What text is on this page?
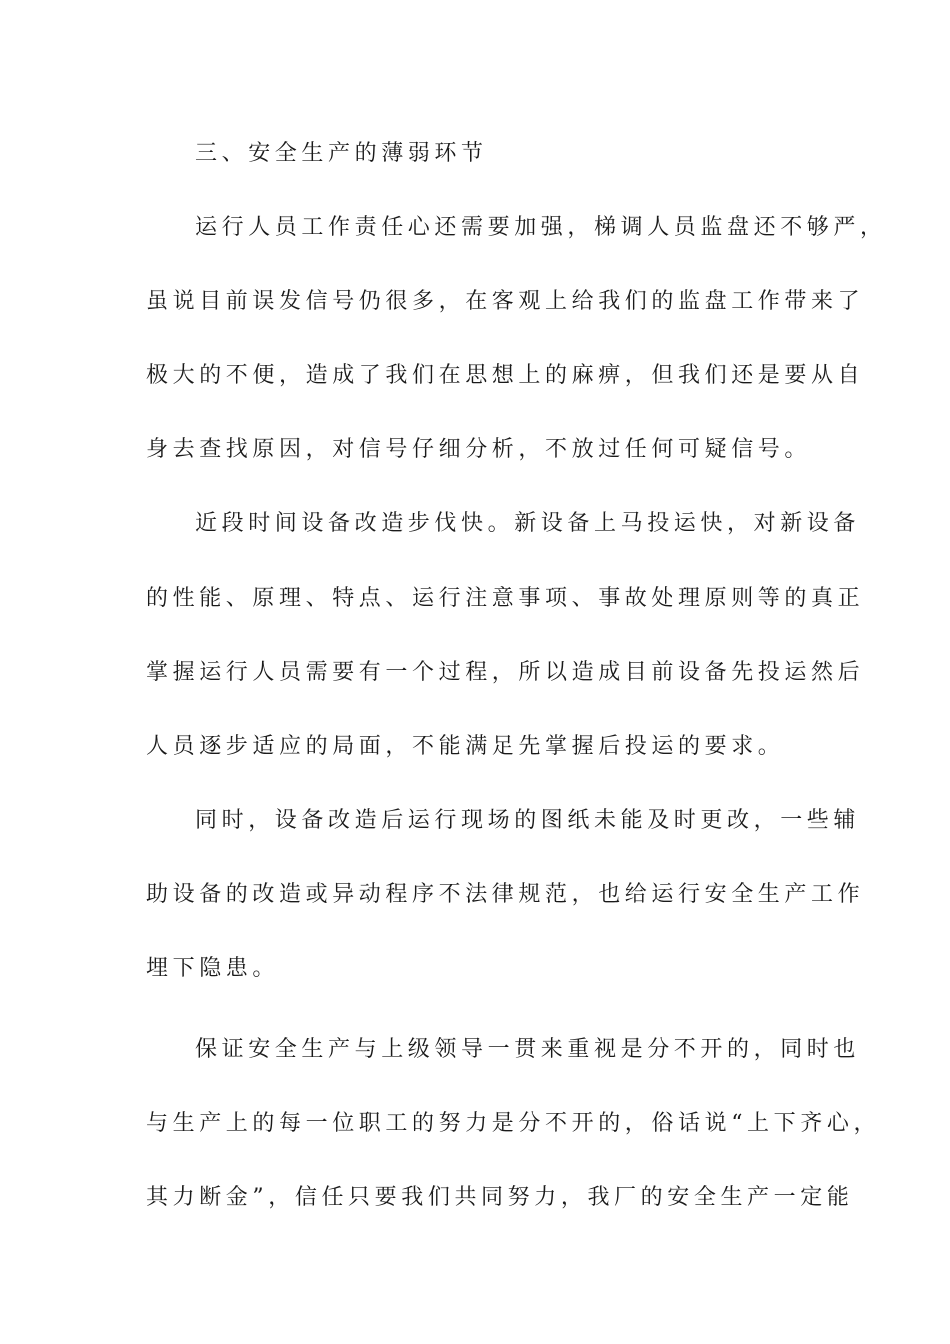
三、安全生产的薄弱环节
运行人员工作责任心还需要加强，梯调人员监盘还不够严，
虽说目前误发信号仍很多，在客观上给我们的监盘工作带来了
极大的不便，造成了我们在思想上的麻痹，但我们还是要从自
身去查找原因，对信号仔细分析，不放过任何可疑信号。
近段时间设备改造步伐快。新设备上马投运快，对新设备
的性能、原理、特点、运行注意事项、事故处理原则等的真正
掌握运行人员需要有一个过程，所以造成目前设备先投运然后
人员逐步适应的局面，不能满足先掌握后投运的要求。
同时，设备改造后运行现场的图纸未能及时更改，一些辅
助设备的改造或异动程序不法律规范，也给运行安全生产工作
埋下隐患。
保证安全生产与上级领导一贯来重视是分不开的，同时也
与生产上的每一位职工的努力是分不开的，俗话说“上下齐心，
其力断金”，信任只要我们共同努力，我厂的安全生产一定能
